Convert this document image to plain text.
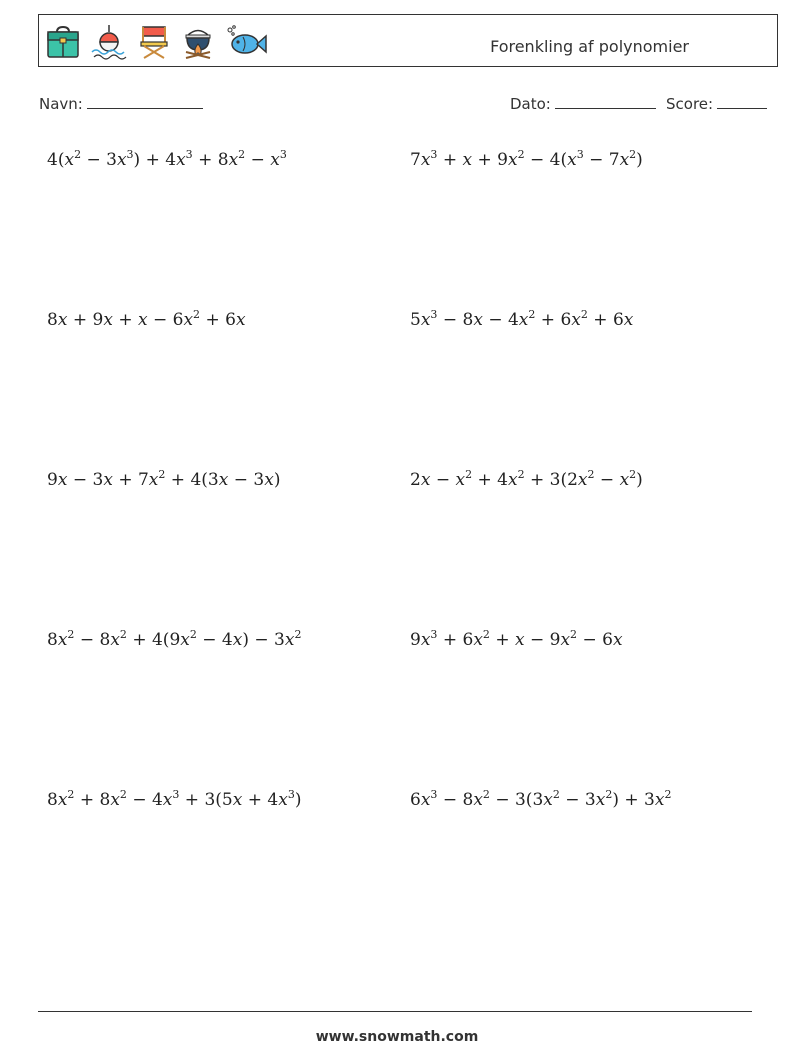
Forenkling af polynomier
Navn:	Dato:	Score:
$4(x^2 - 3x^3) + 4x^3 + 8x^2 - x^3$	$7x^3 + x + 9x^2 - 4(x^3 - 7x^2)$
$8x + 9x + x - 6x^2 + 6x$	$5x^3 - 8x - 4x^2 + 6x^2 + 6x$
$9x - 3x + 7x^2 + 4(3x - 3x)$	$2x - x^2 + 4x^2 + 3(2x^2 - x^2)$
$8x^2 - 8x^2 + 4(9x^2 - 4x) - 3x^2$	$9x^3 + 6x^2 + x - 9x^2 - 6x$
$8x^2 + 8x^2 - 4x^3 + 3(5x + 4x^3)$	$6x^3 - 8x^2 - 3(3x^2 - 3x^2) + 3x^2$
www.snowmath.com
